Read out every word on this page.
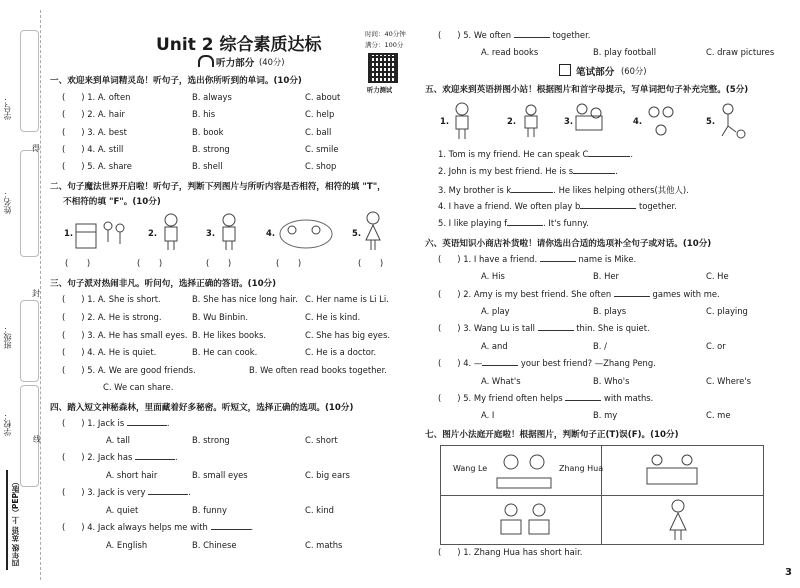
学号：
得
姓名：
封
班级：
学校：
线
四年级 英语 上（PEP版）
Unit 2 综合素质达标
时间：40分钟
满分：100分
听力测试
听力部分 (40分)
一、欢迎来到单词精灵岛！听句子，选出你所听到的单词。(10分)
(      ) 1. A. often	B. always	C. about
(      ) 2. A. hair	B. his	C. help
(      ) 3. A. best	B. book	C. ball
(      ) 4. A. still	B. strong	C. smile
(      ) 5. A. share	B. shell	C. shop
二、句子魔法世界开启啦！听句子，判断下列图片与所听内容是否相符，相符的填 "T"，
不相符的填 "F"。(10分)
1.	2.	3.	4.	5.
(       )	(       )	(       )	(       )	(       )
三、句子派对热闹非凡。听问句，选择正确的答语。(10分)
(      ) 1. A. She is short.	B. She has nice long hair. C. Her name is Li Li.
(      ) 2. A. He is strong.	B. Wu Binbin.	C. He is kind.
(      ) 3. A. He has small eyes. B. He likes books.	C. She has big eyes.
(      ) 4. A. He is quiet.	B. He can cook.	C. He is a doctor.
(      ) 5. A. We are good friends.	B. We often read books together.
C. We can share.
四、踏入短文神秘森林，里面藏着好多秘密。听短文，选择正确的选项。(10分)
(      ) 1. Jack is	.
A. tall	B. strong	C. short
(      ) 2. Jack has	.
A. short hair	B. small eyes	C. big ears
(      ) 3. Jack is very	.
A. quiet	B. funny	C. kind
(      ) 4. Jack always helps me with	.
A. English	B. Chinese	C. maths
(      ) 5. We often	together.
A. read books	B. play football	C. draw pictures
笔试部分 (60分)
五、欢迎来到英语拼图小站！根据图片和首字母提示，写单词把句子补充完整。(5分)
1.	2.	3.	4.	5.
1. Tom is my friend. He can speak C	.
2. John is my best friend. He is s	.
3. My brother is k	. He likes helping others(其他人).
4. I have a friend. We often play b	together.
5. I like playing f	. It's funny.
六、英语知识小商店补货啦！请你选出合适的选项补全句子或对话。(10分)
(      ) 1. I have a friend.	name is Mike.
A. His	B. Her	C. He
(      ) 2. Amy is my best friend. She often	games with me.
A. play	B. plays	C. playing
(      ) 3. Wang Lu is tall	thin. She is quiet.
A. and	B. /	C. or
(      ) 4. —	your best friend? —Zhang Peng.
A. What's	B. Who's	C. Where's
(      ) 5. My friend often helps	with maths.
A. I	B. my	C. me
七、图片小法庭开庭啦！根据图片，判断句子正(T)误(F)。(10分)
Wang Le	Zhang Hua
(      ) 1. Zhang Hua has short hair.
3
